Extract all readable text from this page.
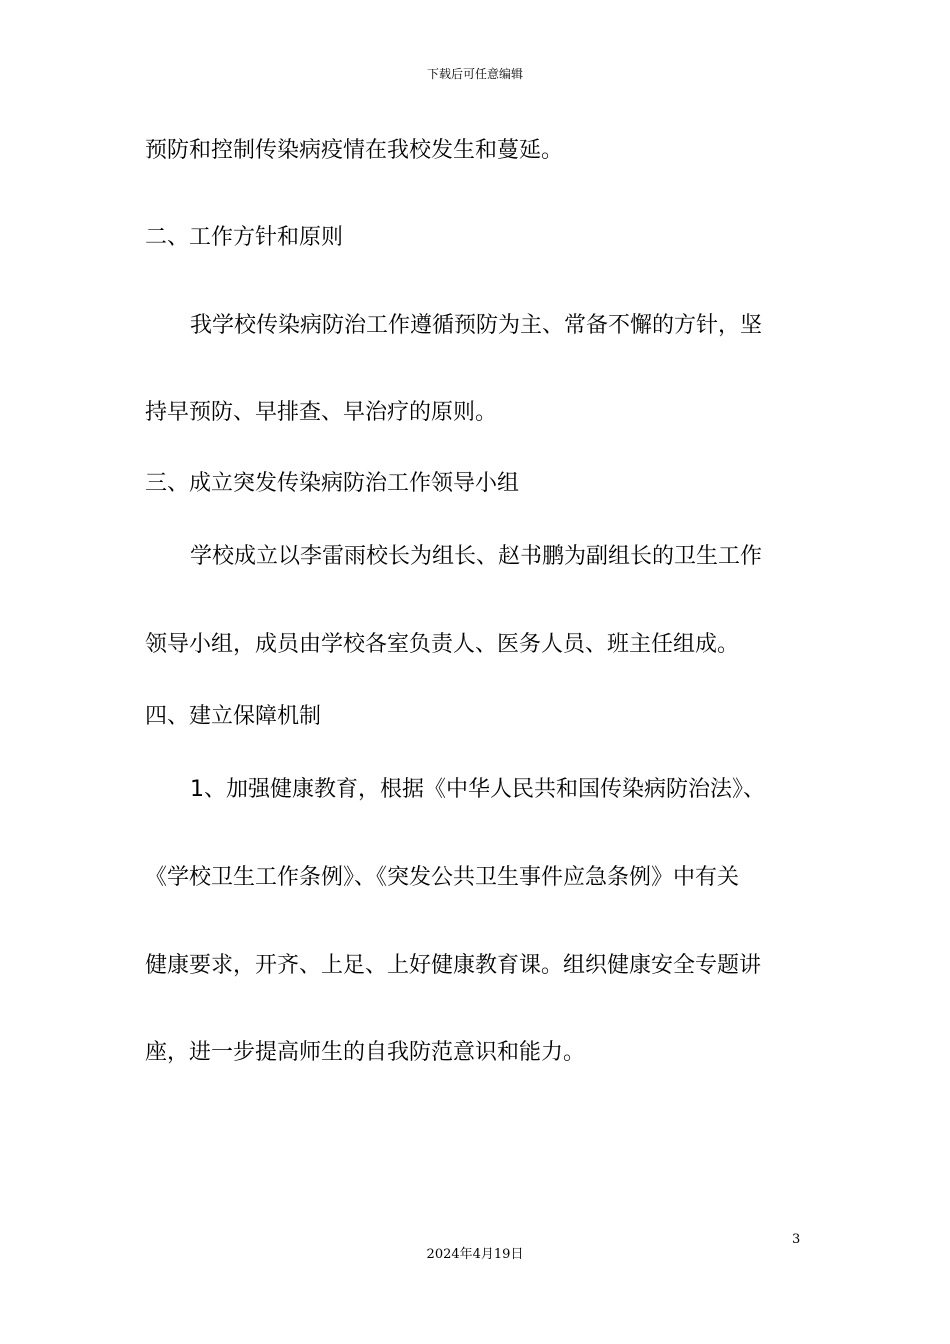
下载后可任意编辑
预防和控制传染病疫情在我校发生和蔓延。
二、工作方针和原则
我学校传染病防治工作遵循预防为主、常备不懈的方针，坚
持早预防、早排查、早治疗的原则。
三、成立突发传染病防治工作领导小组
学校成立以李雷雨校长为组长、赵书鹏为副组长的卫生工作
领导小组，成员由学校各室负责人、医务人员、班主任组成。
四、建立保障机制
1、加强健康教育，根据《中华人民共和国传染病防治法》、
《学校卫生工作条例》、《突发公共卫生事件应急条例》中有关
健康要求，开齐、上足、上好健康教育课。组织健康安全专题讲
座，进一步提高师生的自我防范意识和能力。
3
2024年4月19日
